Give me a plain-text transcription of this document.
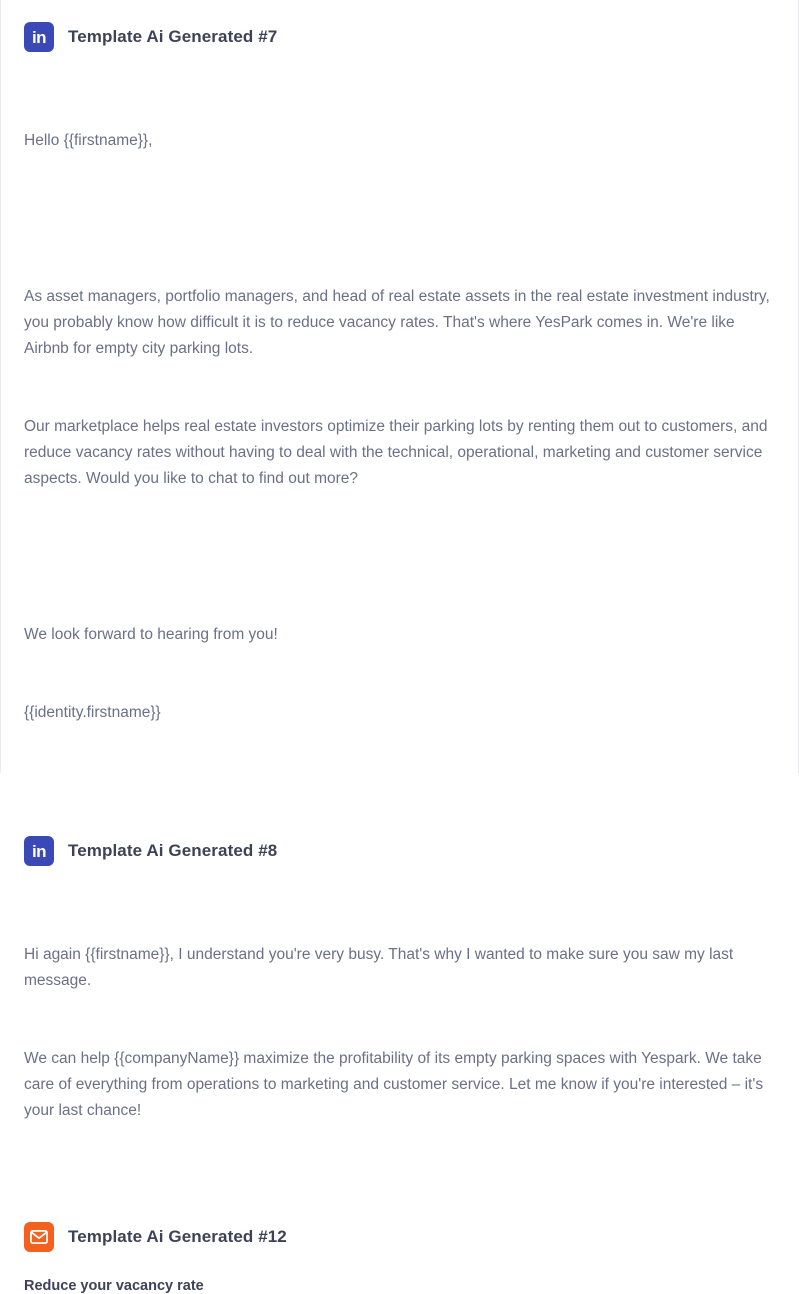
in Template Ai Generated #7

Hello {{firstname}},

As asset managers, portfolio managers, and head of real estate assets in the real estate investment industry, you probably know how difficult it is to reduce vacancy rates. That's where YesPark comes in. We're like Airbnb for empty city parking lots.

Our marketplace helps real estate investors optimize their parking lots by renting them out to customers, and reduce vacancy rates without having to deal with the technical, operational, marketing and customer service aspects. Would you like to chat to find out more?

We look forward to hearing from you!

{{identity.firstname}}

in Template Ai Generated #8

Hi again {{firstname}}, I understand you're very busy. That's why I wanted to make sure you saw my last message.

We can help {{companyName}} maximize the profitability of its empty parking spaces with Yespark. We take care of everything from operations to marketing and customer service. Let me know if you're interested – it's your last chance!

Template Ai Generated #12
Reduce your vacancy rate
